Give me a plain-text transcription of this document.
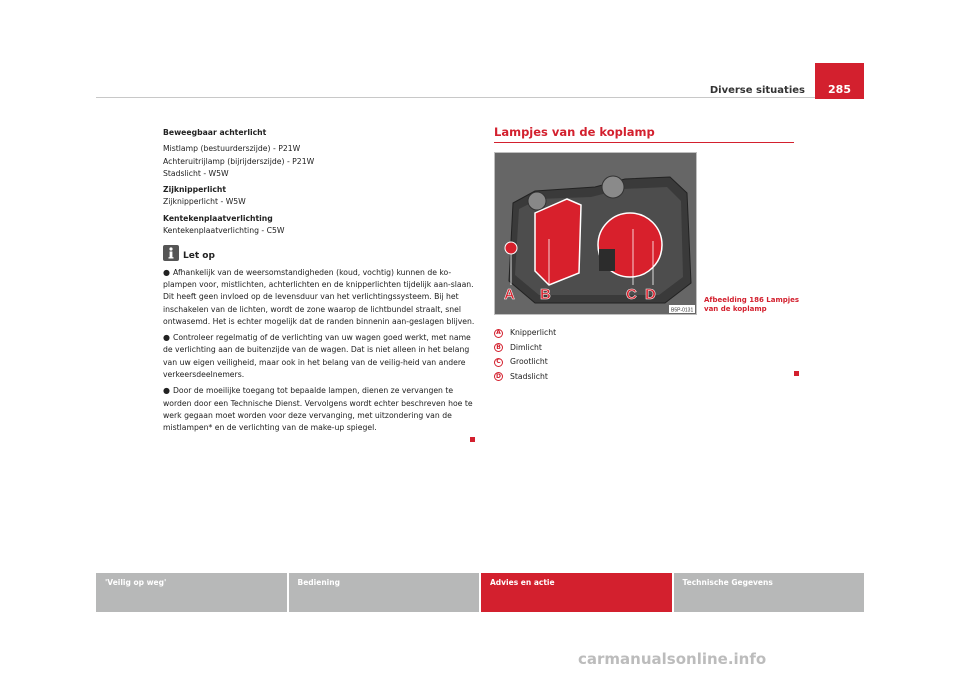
Diverse situaties	285

Beweegbaar achterlicht

Mistlamp (bestuurderszijde) - P21W

Achteruitrijlamp (bijrijderszijde) - P21W

Stadslicht - W5W

Zijknipperlicht

Zijknipperlicht - W5W

Kentekenplaatverlichting

Kentekenplaatverlichting - C5W

Let op

● Afhankelijk van de weersomstandigheden (koud, vochtig) kunnen de ko-plampen voor, mistlichten, achterlichten en de knipperlichten tijdelijk aan-slaan. Dit heeft geen invloed op de levensduur van het verlichtingssysteem. Bij het inschakelen van de lichten, wordt de zone waarop de lichtbundel straalt, snel ontwasemd. Het is echter mogelijk dat de randen binnenin aan-geslagen blijven.

● Controleer regelmatig of de verlichting van uw wagen goed werkt, met name de verlichting aan de buitenzijde van de wagen. Dat is niet alleen in het belang van uw eigen veiligheid, maar ook in het belang van de veilig-heid van andere verkeersdeelnemers.

● Door de moeilijke toegang tot bepaalde lampen, dienen ze vervangen te worden door een Technische Dienst. Vervolgens wordt echter beschreven hoe te werk gegaan moet worden voor deze vervanging, met uitzondering van de mistlampen* en de verlichting van de make-up spiegel.

Lampjes van de koplamp

A B	C D
B5P-0131
Afbeelding 186 Lampjes
van de koplamp
A Knipperlicht
B Dimlicht
C Grootlicht
D Stadslicht
'Veilig op weg'	Bediening	Advies en actie	Technische Gegevens
carmanualsonline.info
